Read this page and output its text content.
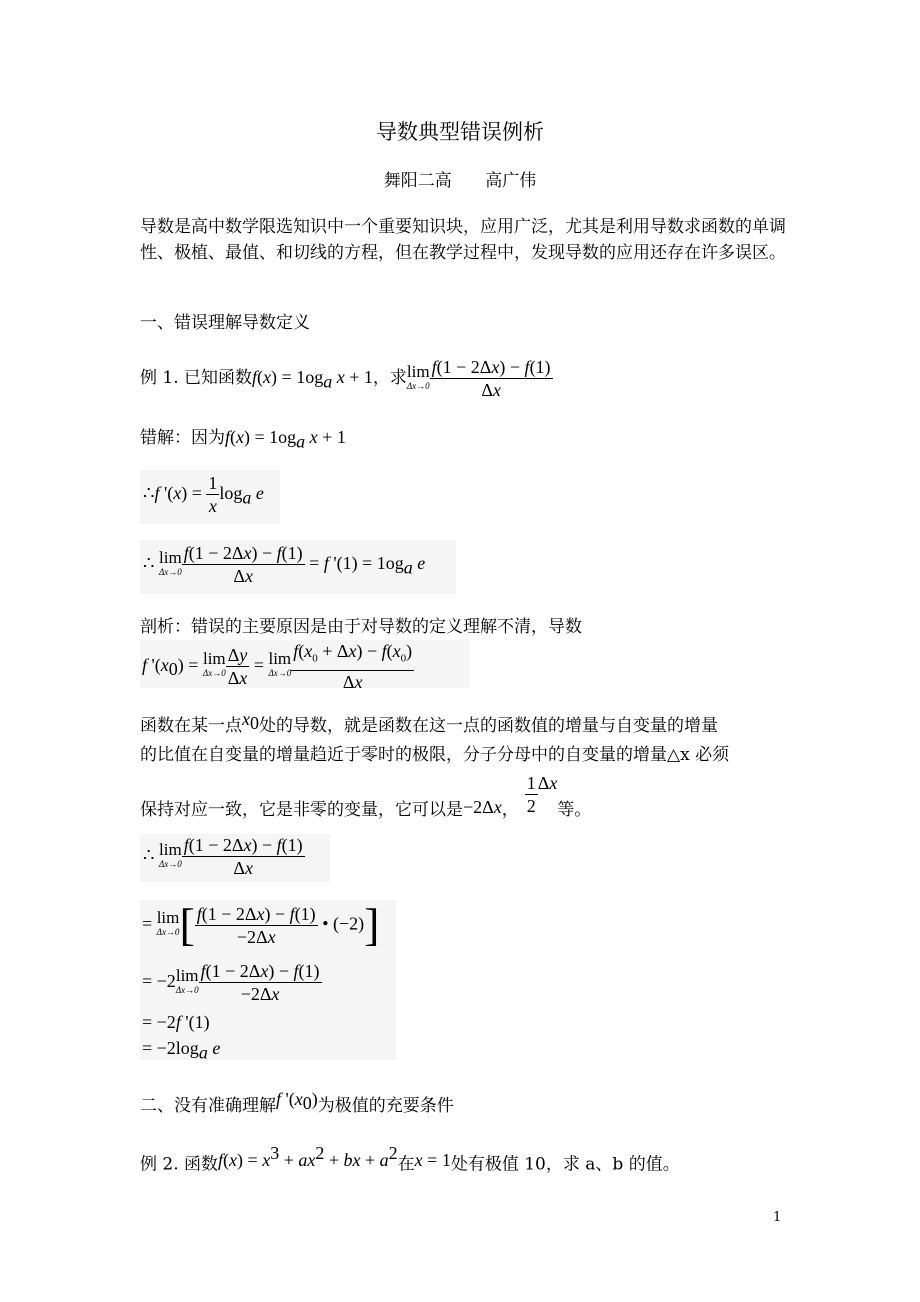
导数典型错误例析
舞阳二高 高广伟
导数是高中数学限选知识中一个重要知识块，应用广泛，尤其是利用导数求函数的单调性、极植、最值、和切线的方程，但在教学过程中，发现导数的应用还存在许多误区。
一、错误理解导数定义
例 1. 已知函数$f(x) = 1og_a$ x + 1，求 lim
$\Delta x\to 0 \frac{f(1 - 2\Delta x) - f(1)}{\Delta x}$
错解：因为$f(x) = 1og_a$ x + 1
∴f '$(x) = \frac{1}{x} \log_a e$
∴ lim
$\Delta x\to 0 \frac{f(1 - 2\Delta x) - f(1)}{\Delta x} = f$ '$(1) = 1og_a$ e
剖析：错误的主要原因是由于对导数的定义理解不清，导数
f '$(x_0) = \lim$
$\Delta x\to 0 \frac{\Delta y}{\Delta x} = \lim$
$\Delta x\to 0 \frac{f(x_0 + \Delta x) - f(x_0)}{\Delta x}$
函数在某一点$x_0$处的导数，就是函数在这一点的函数值的增量与自变量的增量
的比值在自变量的增量趋近于零时的极限，分子分母中的自变量的增量△x 必须
保持对应一致，它是非零的变量，它可以是−2Δx， $\frac{1}{2}$ Δx等。
∴ lim
$\Delta x\to 0 \frac{f(1 - 2\Delta x) - f(1)}{\Delta x}$
= lim
Δx→0 [ $\frac{f(1 - 2\Delta x) - f(1)}{-2\Delta x}$ • (−2)]
= −2 lim
$\Delta x\to 0 \frac{f(1 - 2\Delta x) - f(1)}{-2\Delta x}$
= −2f '(1)
= $-2\log_a$ e
二、没有准确理解f '$(x_0)$为极值的充要条件
例 2. 函数$f(x) = x^3 + ax^2$ + bx + $a^2$在x = 1处有极值 10，求 a、b 的值。
1
